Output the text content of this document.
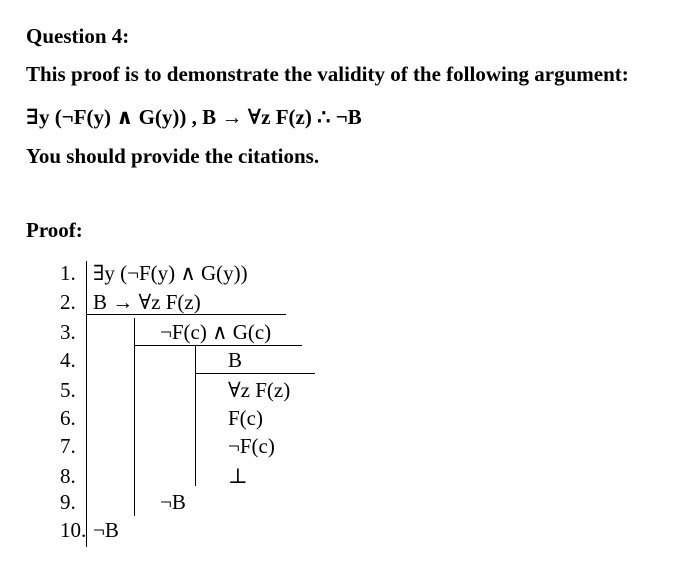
Question 4:
This proof is to demonstrate the validity of the following argument:
∃y (¬F(y) ∧ G(y)) , B → ∀z F(z) ∴ ¬B
You should provide the citations.
Proof:
1.
2.
3.
4.
5.
6.
7.
8.
9.
10.
∃y (¬F(y) ∧ G(y))
B → ∀z F(z)
¬F(c) ∧ G(c)
B
∀z F(z)
F(c)
¬F(c)
⊥
¬B
¬B
